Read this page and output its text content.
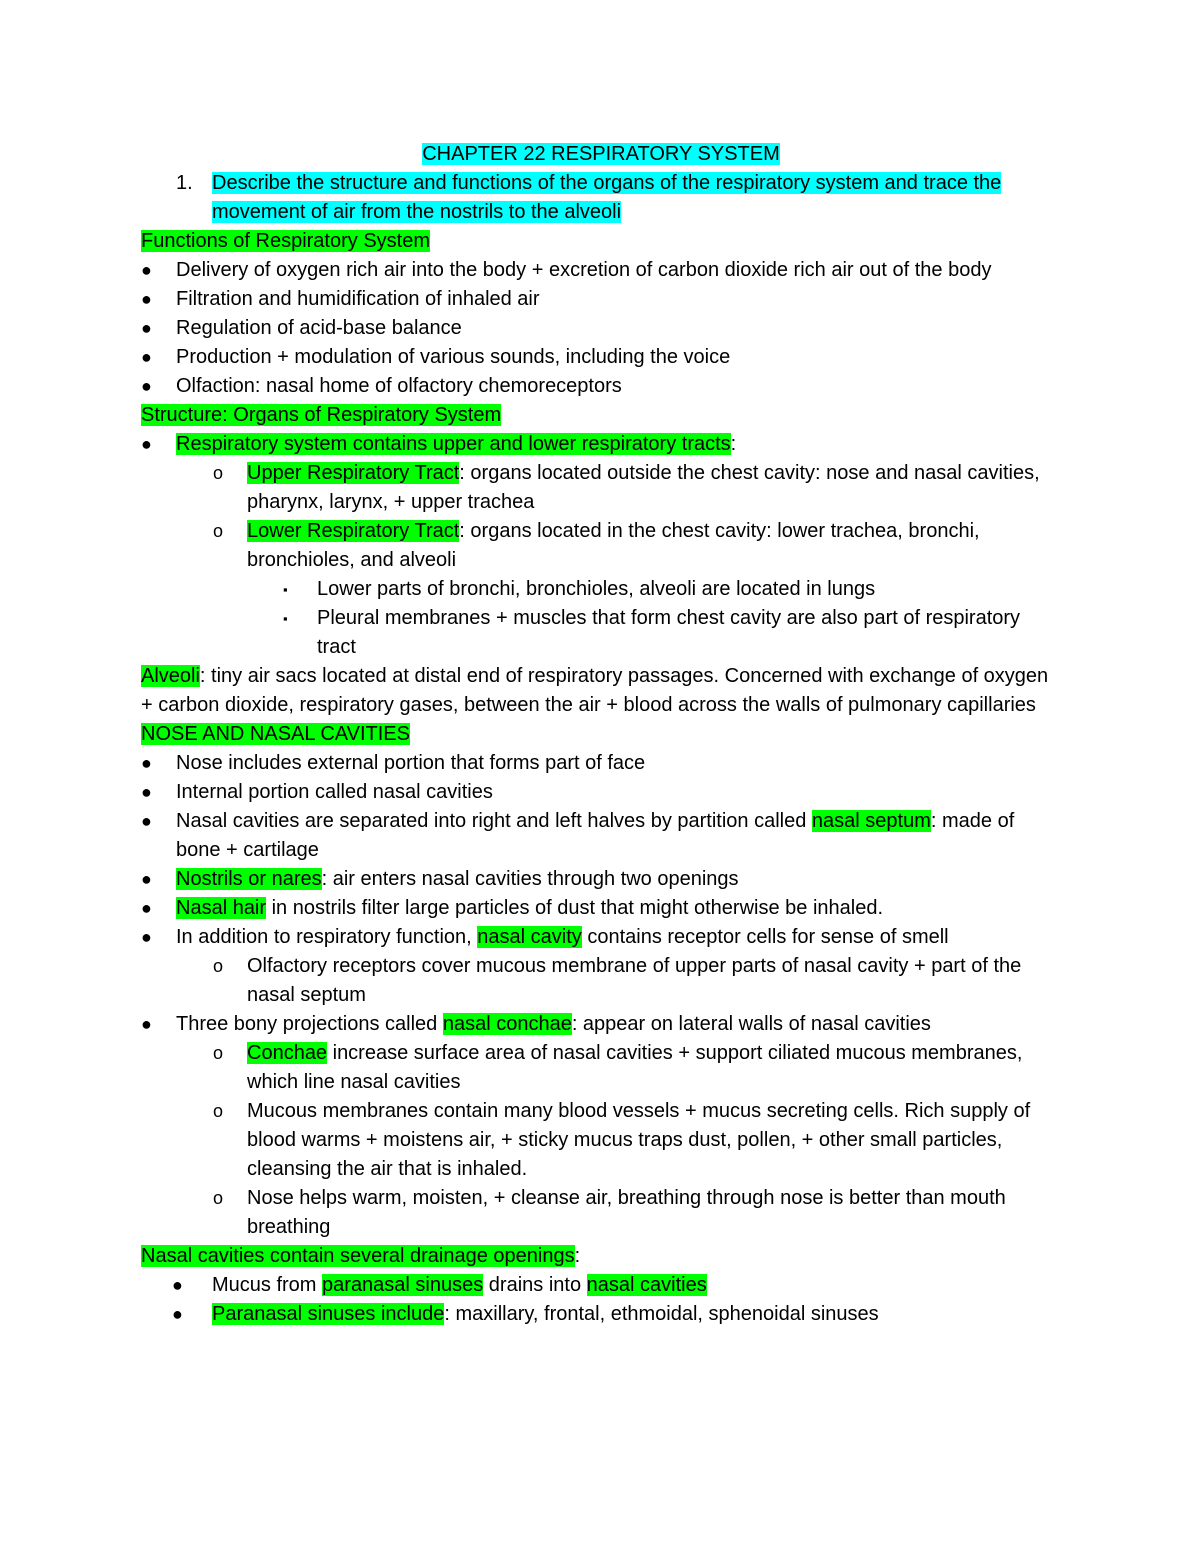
CHAPTER 22 RESPIRATORY SYSTEM

1. Describe the structure and functions of the organs of the respiratory system and trace the movement of air from the nostrils to the alveoli

Functions of Respiratory System

●	Delivery of oxygen rich air into the body + excretion of carbon dioxide rich air out of the body

●	Filtration and humidification of inhaled air

●	Regulation of acid-base balance

●	Production + modulation of various sounds, including the voice

●	Olfaction: nasal home of olfactory chemoreceptors

Structure: Organs of Respiratory System

●	Respiratory system contains upper and lower respiratory tracts:

o	Upper Respiratory Tract: organs located outside the chest cavity: nose and nasal cavities, pharynx, larynx, + upper trachea

o	Lower Respiratory Tract: organs located in the chest cavity: lower trachea, bronchi, bronchioles, and alveoli

▪	Lower parts of bronchi, bronchioles, alveoli are located in lungs

▪	Pleural membranes + muscles that form chest cavity are also part of respiratory tract

Alveoli: tiny air sacs located at distal end of respiratory passages. Concerned with exchange of oxygen + carbon dioxide, respiratory gases, between the air + blood across the walls of pulmonary capillaries

NOSE AND NASAL CAVITIES

●	Nose includes external portion that forms part of face

●	Internal portion called nasal cavities

●	Nasal cavities are separated into right and left halves by partition called nasal septum: made of bone + cartilage

●	Nostrils or nares: air enters nasal cavities through two openings

●	Nasal hair in nostrils filter large particles of dust that might otherwise be inhaled.

●	In addition to respiratory function, nasal cavity contains receptor cells for sense of smell

o	Olfactory receptors cover mucous membrane of upper parts of nasal cavity + part of the nasal septum

●	Three bony projections called nasal conchae: appear on lateral walls of nasal cavities

o	Conchae increase surface area of nasal cavities + support ciliated mucous membranes, which line nasal cavities

o	Mucous membranes contain many blood vessels + mucus secreting cells. Rich supply of blood warms + moistens air, + sticky mucus traps dust, pollen, + other small particles, cleansing the air that is inhaled.

o	Nose helps warm, moisten, + cleanse air, breathing through nose is better than mouth breathing

Nasal cavities contain several drainage openings:

●	Mucus from paranasal sinuses drains into nasal cavities

●	Paranasal sinuses include: maxillary, frontal, ethmoidal, sphenoidal sinuses
